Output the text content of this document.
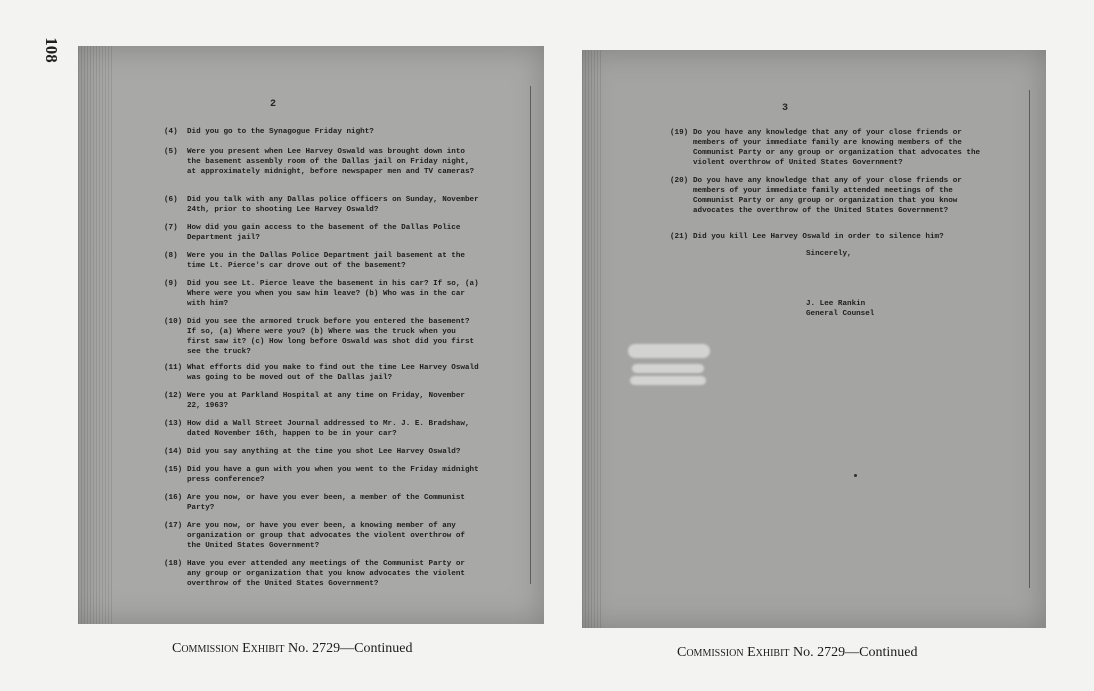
108
2
(4)	Did you go to the Synagogue Friday night?
(5)	Were you present when Lee Harvey Oswald was brought down into the basement assembly room of the Dallas jail on Friday night, at approximately midnight, before newspaper men and TV cameras?
(6)	Did you talk with any Dallas police officers on Sunday, November 24th, prior to shooting Lee Harvey Oswald?
(7)	How did you gain access to the basement of the Dallas Police Department jail?
(8)	Were you in the Dallas Police Department jail basement at the time Lt. Pierce's car drove out of the basement?
(9)	Did you see Lt. Pierce leave the basement in his car? If so, (a) Where were you when you saw him leave? (b) Who was in the car with him?
(10) Did you see the armored truck before you entered the basement? If so, (a) Where were you? (b) Where was the truck when you first saw it? (c) How long before Oswald was shot did you first see the truck?
(11) What efforts did you make to find out the time Lee Harvey Oswald was going to be moved out of the Dallas jail?
(12) Were you at Parkland Hospital at any time on Friday, November 22, 1963?
(13) How did a Wall Street Journal addressed to Mr. J. E. Bradshaw, dated November 16th, happen to be in your car?
(14) Did you say anything at the time you shot Lee Harvey Oswald?
(15) Did you have a gun with you when you went to the Friday midnight press conference?
(16) Are you now, or have you ever been, a member of the Communist Party?
(17) Are you now, or have you ever been, a knowing member of any organization or group that advocates the violent overthrow of the United States Government?
(18) Have you ever attended any meetings of the Communist Party or any group or organization that you know advocates the violent overthrow of the United States Government?
3
(19) Do you have any knowledge that any of your close friends or members of your immediate family are knowing members of the Communist Party or any group or organization that advocates the violent overthrow of United States Government?
(20) Do you have any knowledge that any of your close friends or members of your immediate family attended meetings of the Communist Party or any group or organization that you know advocates the overthrow of the United States Government?
(21) Did you kill Lee Harvey Oswald in order to silence him?
Sincerely,
J. Lee Rankin
General Counsel
Commission Exhibit No. 2729—Continued	Commission Exhibit No. 2729—Continued
